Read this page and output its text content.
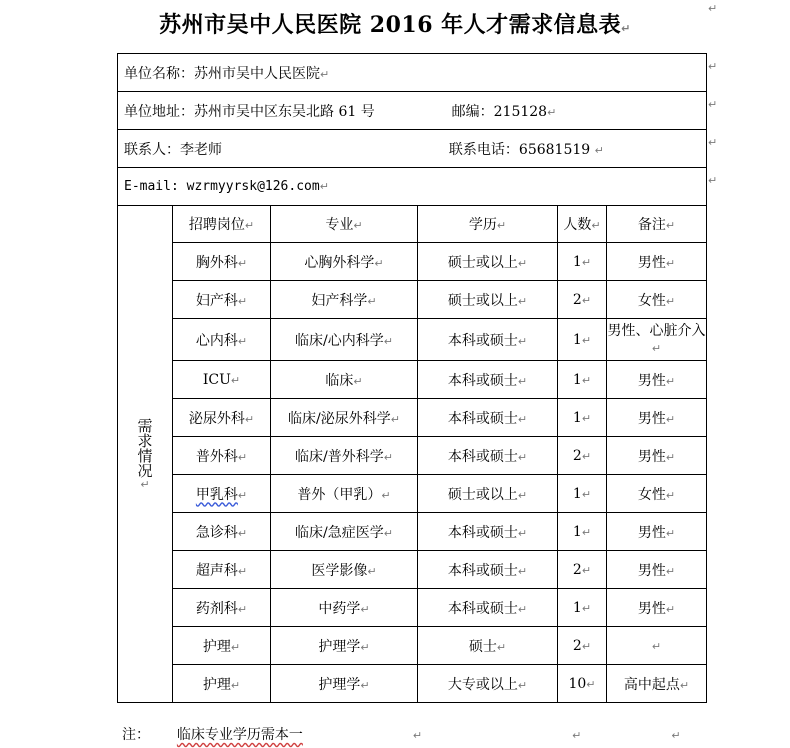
苏州市吴中人民医院 2016 年人才需求信息表↵
↵
单位名称：苏州市吴中人民医院↵					
单位地址：苏州市吴中区东吴北路 61 号 邮编：215128↵					
联系人：李老师 联系电话：65681519 ↵					
E-mail: wzrmyyrsk@126.com↵					

需求情况↵	招聘岗位↵	专业↵	学历↵	人数↵	备注↵
	胸外科↵	心胸外科学↵	硕士或以上↵	1↵	男性↵
	妇产科↵	妇产科学↵	硕士或以上↵	2↵	女性↵
	心内科↵	临床/心内科学↵	本科或硕士↵	1↵	男性、心脏介入↵
	ICU↵	临床↵	本科或硕士↵	1↵	男性↵
	泌尿外科↵	临床/泌尿外科学↵	本科或硕士↵	1↵	男性↵
	普外科↵	临床/普外科学↵	本科或硕士↵	2↵	男性↵
	甲乳科↵	普外（甲乳）↵	硕士或以上↵	1↵	女性↵
	急诊科↵	临床/急症医学↵	本科或硕士↵	1↵	男性↵
	超声科↵	医学影像↵	本科或硕士↵	2↵	男性↵
	药剂科↵	中药学↵	本科或硕士↵	1↵	男性↵
	护理↵	护理学↵	硕士↵	2↵	↵
	护理↵	护理学↵	大专或以上↵	10↵	高中起点↵
↵
↵
↵
↵
注： 临床专业学历需本一	↵	↵	↵
